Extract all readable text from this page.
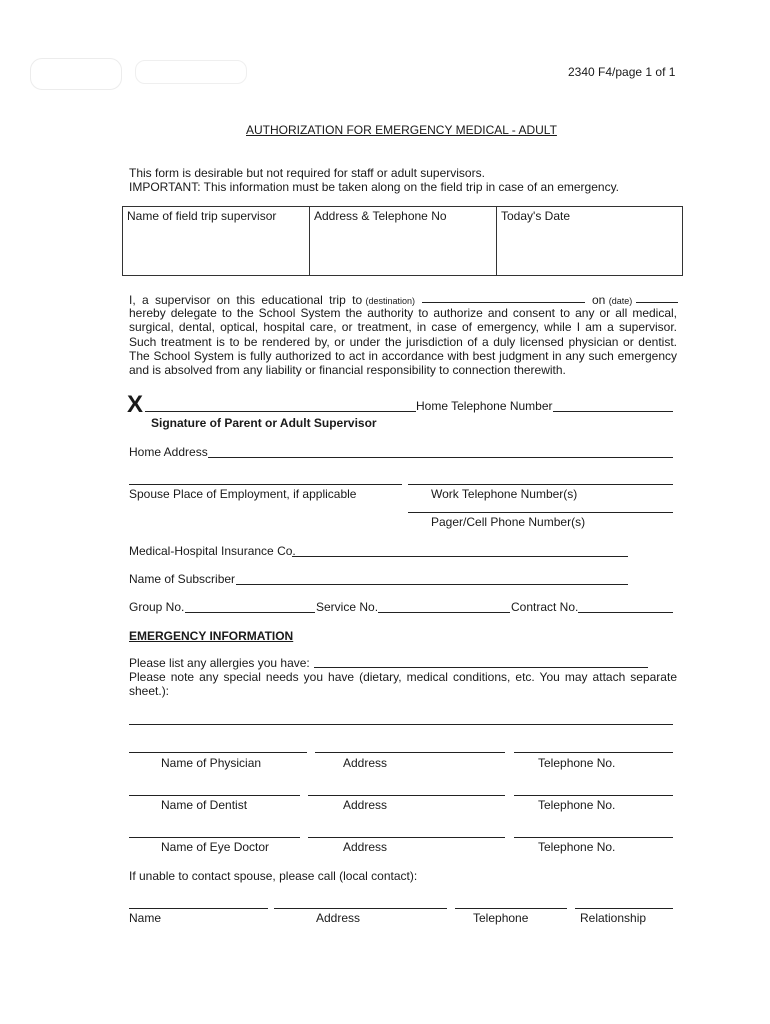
2340 F4/page 1 of 1
AUTHORIZATION FOR EMERGENCY MEDICAL - ADULT
This form is desirable but not required for staff or adult supervisors.
IMPORTANT: This information must be taken along on the field trip in case of an emergency.
Name of field trip supervisor	Address & Telephone No	Today's Date
I, a supervisor on this educational trip to (destination)	on (date)
hereby delegate to the School System the authority to authorize and consent to any or all medical, surgical, dental, optical, hospital care, or treatment, in case of emergency, while I am a supervisor. Such treatment is to be rendered by, or under the jurisdiction of a duly licensed physician or dentist. The School System is fully authorized to act in accordance with best judgment in any such emergency and is absolved from any liability or financial responsibility to connection therewith.
X	Home Telephone Number
Signature of Parent or Adult Supervisor
Home Address
Spouse Place of Employment, if applicable	Work Telephone Number(s)
Pager/Cell Phone Number(s)
Medical-Hospital Insurance Co.
Name of Subscriber
Group No.	Service No.	Contract No.
EMERGENCY INFORMATION
Please list any allergies you have:
Please note any special needs you have (dietary, medical conditions, etc. You may attach separate sheet.):
Name of Physician	Address	Telephone No.
Name of Dentist	Address	Telephone No.
Name of Eye Doctor	Address	Telephone No.
If unable to contact spouse, please call (local contact):
Name	Address	Telephone	Relationship
